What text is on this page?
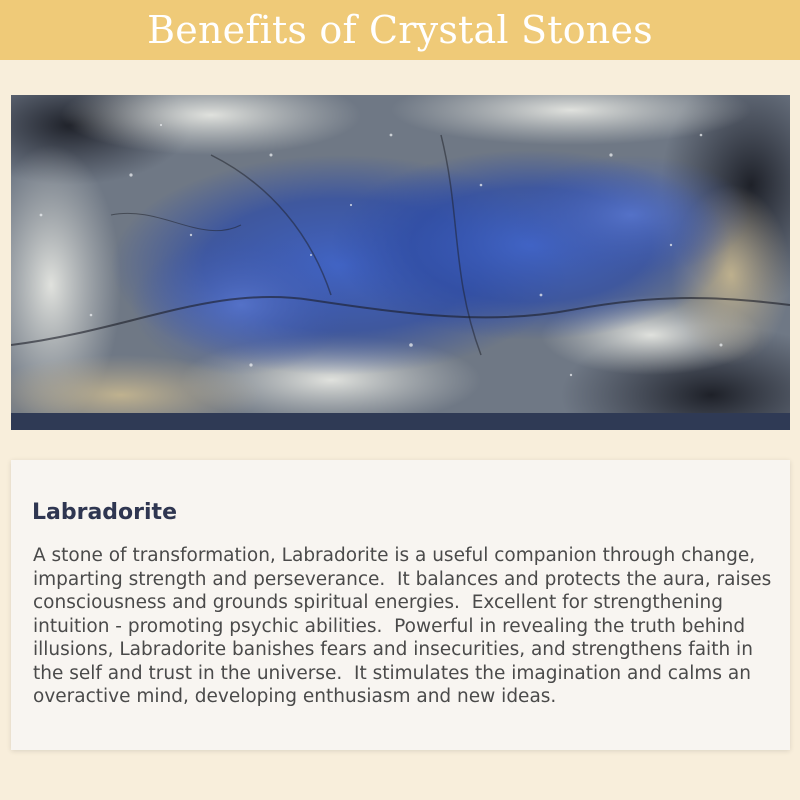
Benefits of Crystal Stones
Labradorite

A stone of transformation, Labradorite is a useful companion through change, imparting strength and perseverance.  It balances and protects the aura, raises consciousness and grounds spiritual energies.  Excellent for strengthening intuition - promoting psychic abilities.  Powerful in revealing the truth behind illusions, Labradorite banishes fears and insecurities, and strengthens faith in the self and trust in the universe.  It stimulates the imagination and calms an overactive mind, developing enthusiasm and new ideas.
